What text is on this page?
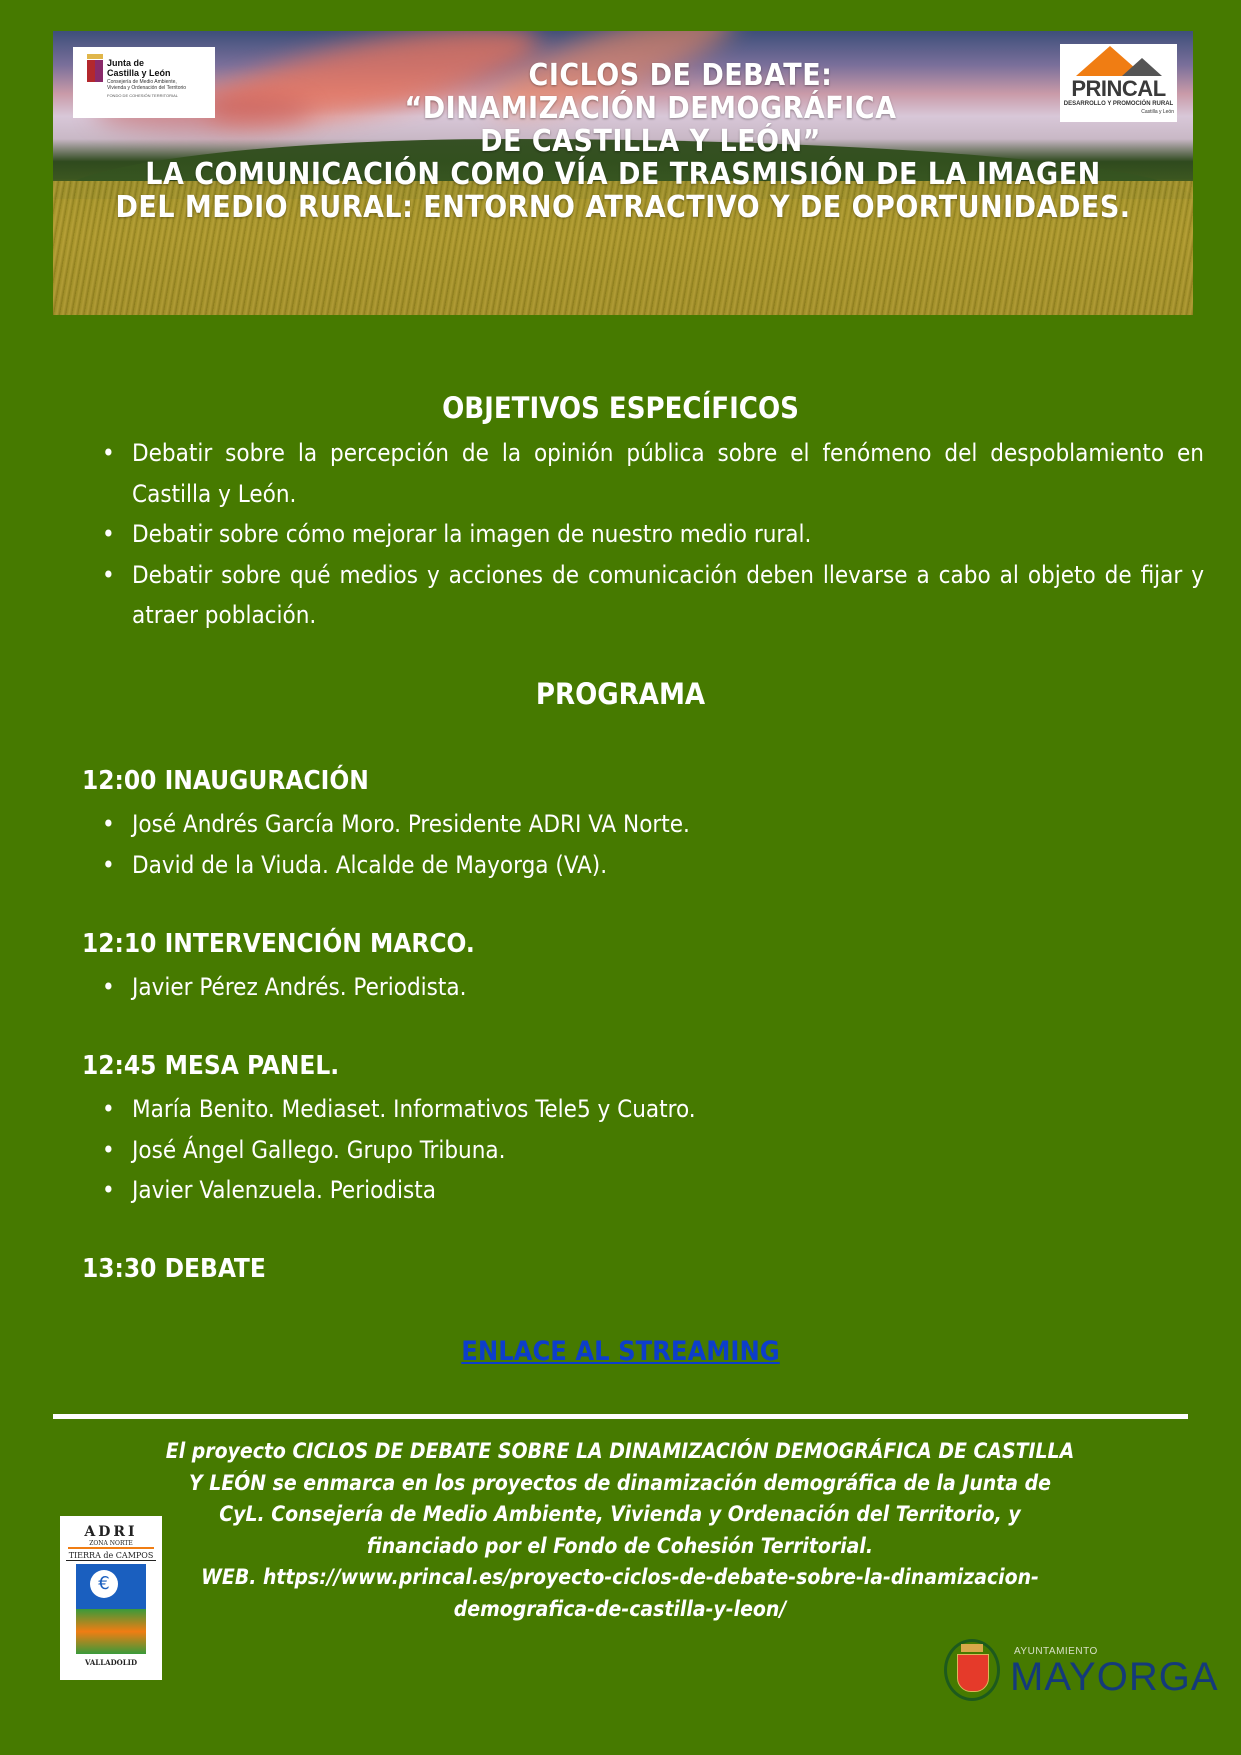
CICLOS DE DEBATE:
“DINAMIZACIÓN DEMOGRÁFICA
DE CASTILLA Y LEÓN”
LA COMUNICACIÓN COMO VÍA DE TRASMISIÓN DE LA IMAGEN
DEL MEDIO RURAL: ENTORNO ATRACTIVO Y DE OPORTUNIDADES.
Junta de
Castilla y León
Consejería de Medio Ambiente,
Vivienda y Ordenación del Territorio
FONDO DE COHESIÓN TERRITORIAL	PRINCAL
DESARROLLO Y PROMOCIÓN RURAL
Castilla y León
OBJETIVOS ESPECÍFICOS
• Debatir sobre la percepción de la opinión pública sobre el fenómeno del despoblamiento en Castilla y León.
• Debatir sobre cómo mejorar la imagen de nuestro medio rural.
• Debatir sobre qué medios y acciones de comunicación deben llevarse a cabo al objeto de fijar y atraer población.
PROGRAMA
12:00 INAUGURACIÓN
• José Andrés García Moro. Presidente ADRI VA Norte.
• David de la Viuda. Alcalde de Mayorga (VA).
12:10 INTERVENCIÓN MARCO.
• Javier Pérez Andrés. Periodista.
12:45 MESA PANEL.
• María Benito. Mediaset. Informativos Tele5 y Cuatro.
• José Ángel Gallego. Grupo Tribuna.
• Javier Valenzuela. Periodista
13:30 DEBATE
ENLACE AL STREAMING
El proyecto CICLOS DE DEBATE SOBRE LA DINAMIZACIÓN DEMOGRÁFICA DE CASTILLA
Y LEÓN se enmarca en los proyectos de dinamización demográfica de la Junta de
CyL. Consejería de Medio Ambiente, Vivienda y Ordenación del Territorio, y
financiado por el Fondo de Cohesión Territorial.
WEB. https://www.princal.es/proyecto-ciclos-de-debate-sobre-la-dinamizacion-
demografica-de-castilla-y-leon/
ADRI
ZONA NORTE
TIERRA de CAMPOS
€
VALLADOLID
AYUNTAMIENTO
MAYORGA
